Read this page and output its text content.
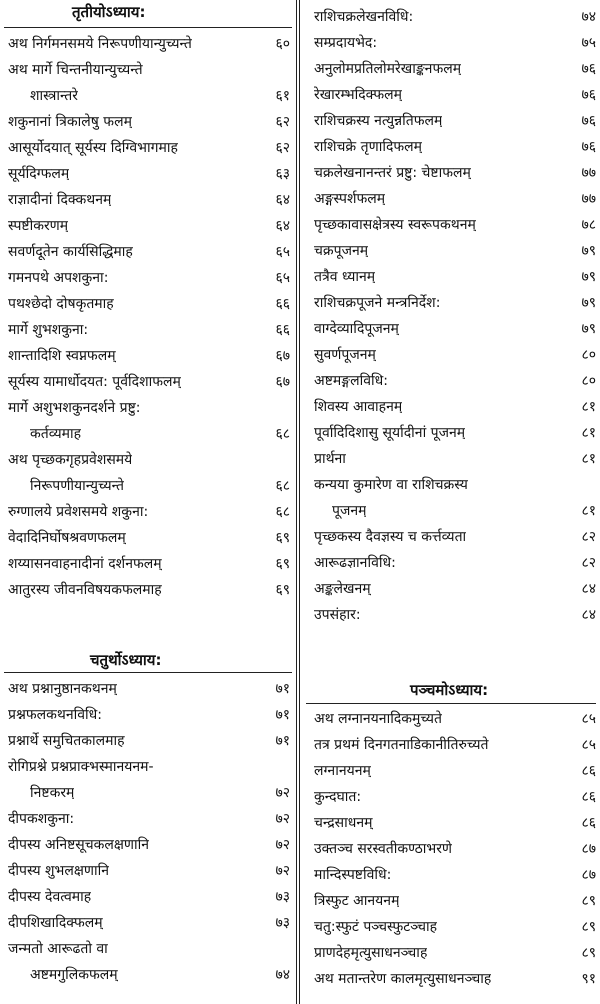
तृतीयोऽध्याय:
चतुर्थोऽध्याय:
अथ निर्गमनसमये निरूपणीयान्युच्यन्ते	६०
अथ मार्गे चिन्तनीयान्युच्यन्ते
शास्त्रान्तरे	६१
शकुनानां त्रिकालेषु फलम्	६२
आसूर्योदयात् सूर्यस्य दिग्विभागमाह	६२
सूर्यदिग्फलम्	६३
राज्ञादीनां दिक्कथनम्	६४
स्पष्टीकरणम्	६४
सवर्णदूतेन कार्यसिद्धिमाह	६५
गमनपथे अपशकुना:	६५
पथश्छेदो दोषकृतमाह	६६
मार्गे शुभशकुना:	६६
शान्तादिशि स्वप्नफलम्	६७
सूर्यस्य यामार्धोदयत: पूर्वदिशाफलम्	६७
मार्गे अशुभशकुनदर्शने प्रष्टु:
कर्तव्यमाह	६८
अथ पृच्छकगृहप्रवेशसमये
निरूपणीयान्युच्यन्ते	६८
रुग्णालये प्रवेशसमये शकुना:	६८
वेदादिनिर्घोषश्रवणफलम्	६९
शय्यासनवाहनादीनां दर्शनफलम्	६९
आतुरस्य जीवनविषयकफलमाह	६९
अथ प्रश्नानुष्ठानकथनम्	७१
प्रश्नफलकथनविधि:	७१
प्रश्नार्थे समुचितकालमाह	७१
रोगिप्रश्ने प्रश्नप्राक्भस्मानयनम-
निष्टकरम्	७२
दीपकशकुना:	७२
दीपस्य अनिष्टसूचकलक्षणानि	७२
दीपस्य शुभलक्षणानि	७२
दीपस्य देवत्वमाह	७३
दीपशिखादिक्फलम्	७३
जन्मतो आरूढतो वा
अष्टमगुलिकफलम्	७४
पञ्चमोऽध्याय:
राशिचक्रलेखनविधि:	७४
सम्प्रदायभेद:	७५
अनुलोमप्रतिलोमरेखाङ्कनफलम्	७६
रेखारम्भदिक्फलम्	७६
राशिचक्रस्य नत्युन्नतिफलम्	७६
राशिचक्रे तृणादिफलम्	७६
चक्रलेखनानन्तरं प्रष्टु: चेष्टाफलम्	७७
अङ्गस्पर्शफलम्	७७
पृच्छकावासक्षेत्रस्य स्वरूपकथनम्	७८
चक्रपूजनम्	७९
तत्रैव ध्यानम्	७९
राशिचक्रपूजने मन्त्रनिर्देश:	७९
वाग्देव्यादिपूजनम्	७९
सुवर्णपूजनम्	८०
अष्टमङ्गलविधि:	८०
शिवस्य आवाहनम्	८१
पूर्वादिदिशासु सूर्यादीनां पूजनम्	८१
प्रार्थना	८१
कन्यया कुमारेण वा राशिचक्रस्य
पूजनम्	८१
पृच्छकस्य दैवज्ञस्य च कर्त्तव्यता	८२
आरूढज्ञानविधि:	८२
अङ्कलेखनम्	८४
उपसंहार:	८४
अथ लग्नानयनादिकमुच्यते	८५
तत्र प्रथमं दिनगतनाडिकानीतिरुच्यते	८५
लग्नानयनम्	८६
कुन्दघात:	८६
चन्द्रसाधनम्	८६
उक्तञ्च सरस्वतीकण्ठाभरणे	८७
मान्दिस्पष्टविधि:	८७
त्रिस्फुट आनयनम्	८९
चतु:स्फुटं पञ्चस्फुटञ्चाह	८९
प्राणदेहमृत्युसाधनञ्चाह	८९
अथ मतान्तरेण कालमृत्युसाधनञ्चाह	९१
